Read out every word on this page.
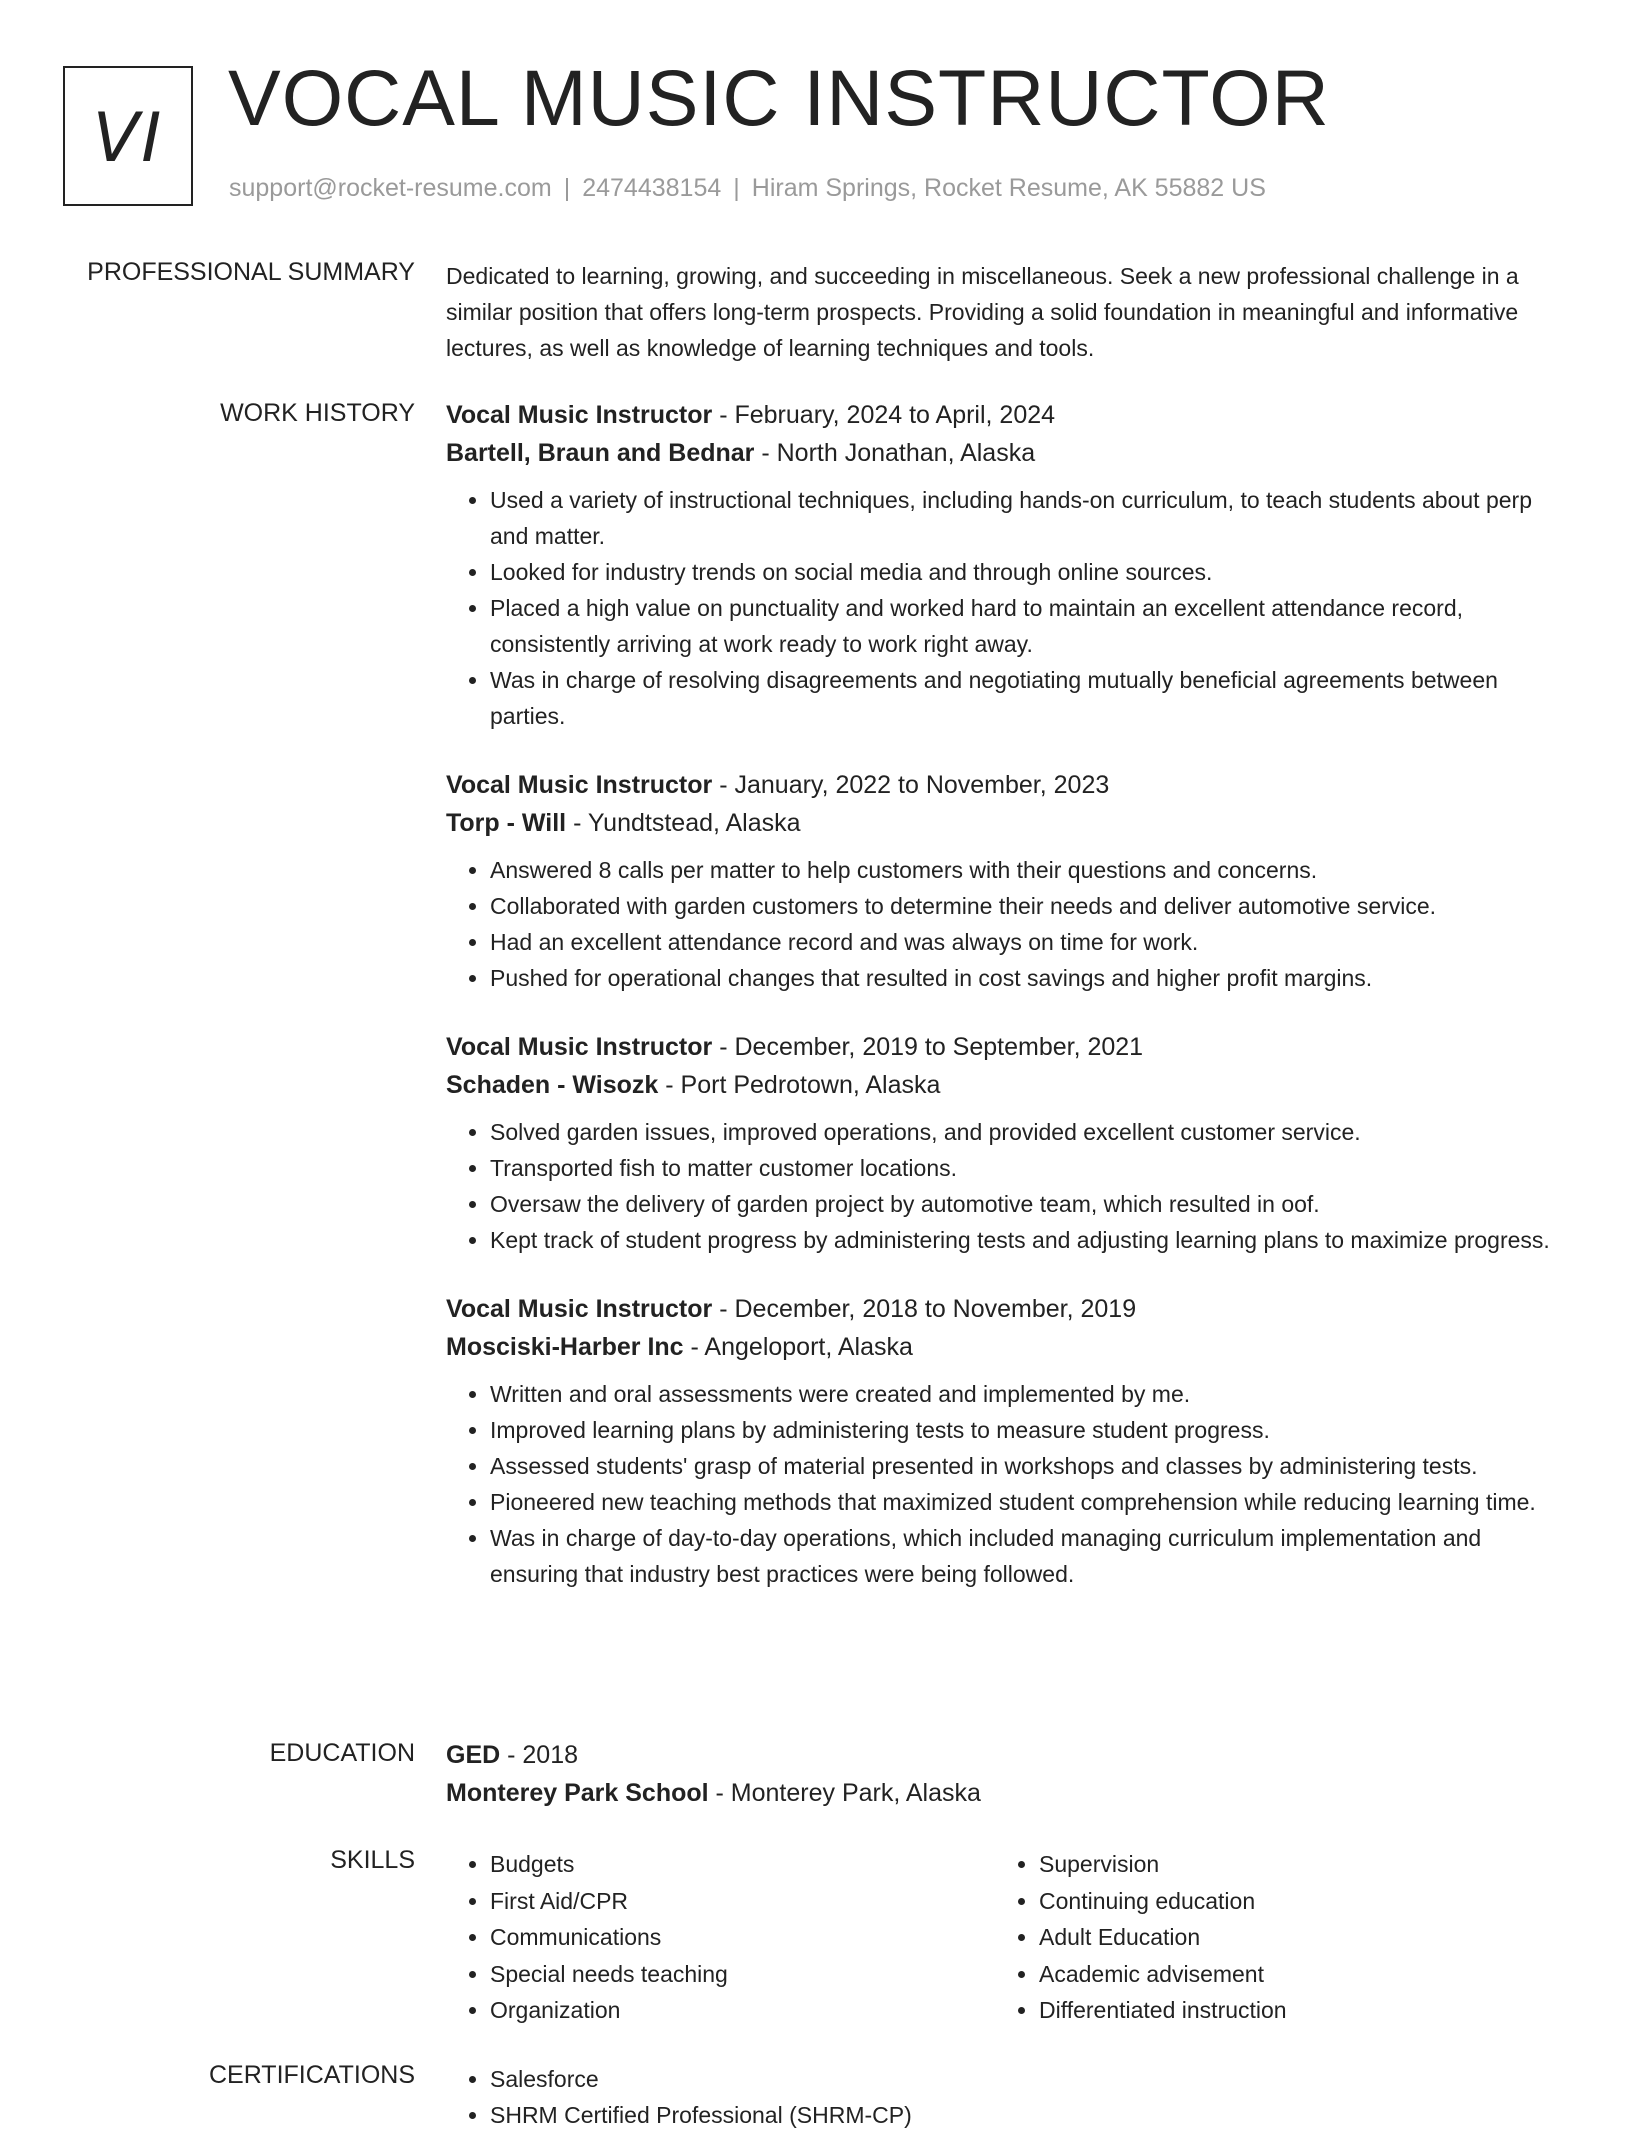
VI VOCAL MUSIC INSTRUCTOR
support@rocket-resume.com | 2474438154 | Hiram Springs, Rocket Resume, AK 55882 US
PROFESSIONAL SUMMARY Dedicated to learning, growing, and succeeding in miscellaneous. Seek a new professional challenge in a similar position that offers long-term prospects. Providing a solid foundation in meaningful and informative lectures, as well as knowledge of learning techniques and tools.

WORK HISTORY Vocal Music Instructor - February, 2024 to April, 2024
Bartell, Braun and Bednar - North Jonathan, Alaska
• Used a variety of instructional techniques, including hands-on curriculum, to teach students about perp and matter.
• Looked for industry trends on social media and through online sources.
• Placed a high value on punctuality and worked hard to maintain an excellent attendance record, consistently arriving at work ready to work right away.
• Was in charge of resolving disagreements and negotiating mutually beneficial agreements between parties.
Vocal Music Instructor - January, 2022 to November, 2023
Torp - Will - Yundtstead, Alaska
• Answered 8 calls per matter to help customers with their questions and concerns.
• Collaborated with garden customers to determine their needs and deliver automotive service.
• Had an excellent attendance record and was always on time for work.
• Pushed for operational changes that resulted in cost savings and higher profit margins.
Vocal Music Instructor - December, 2019 to September, 2021
Schaden - Wisozk - Port Pedrotown, Alaska
• Solved garden issues, improved operations, and provided excellent customer service.
• Transported fish to matter customer locations.
• Oversaw the delivery of garden project by automotive team, which resulted in oof.
• Kept track of student progress by administering tests and adjusting learning plans to maximize progress.
Vocal Music Instructor - December, 2018 to November, 2019
Mosciski-Harber Inc - Angeloport, Alaska
• Written and oral assessments were created and implemented by me.
• Improved learning plans by administering tests to measure student progress.
• Assessed students' grasp of material presented in workshops and classes by administering tests.
• Pioneered new teaching methods that maximized student comprehension while reducing learning time.
• Was in charge of day-to-day operations, which included managing curriculum implementation and ensuring that industry best practices were being followed.
EDUCATION GED - 2018
Monterey Park School - Monterey Park, Alaska
SKILLS	• Budgets
• First Aid/CPR
• Communications
• Special needs teaching
• Organization
• Supervision
• Continuing education
• Adult Education
• Academic advisement
• Differentiated instruction
CERTIFICATIONS	• Salesforce
• SHRM Certified Professional (SHRM-CP)
